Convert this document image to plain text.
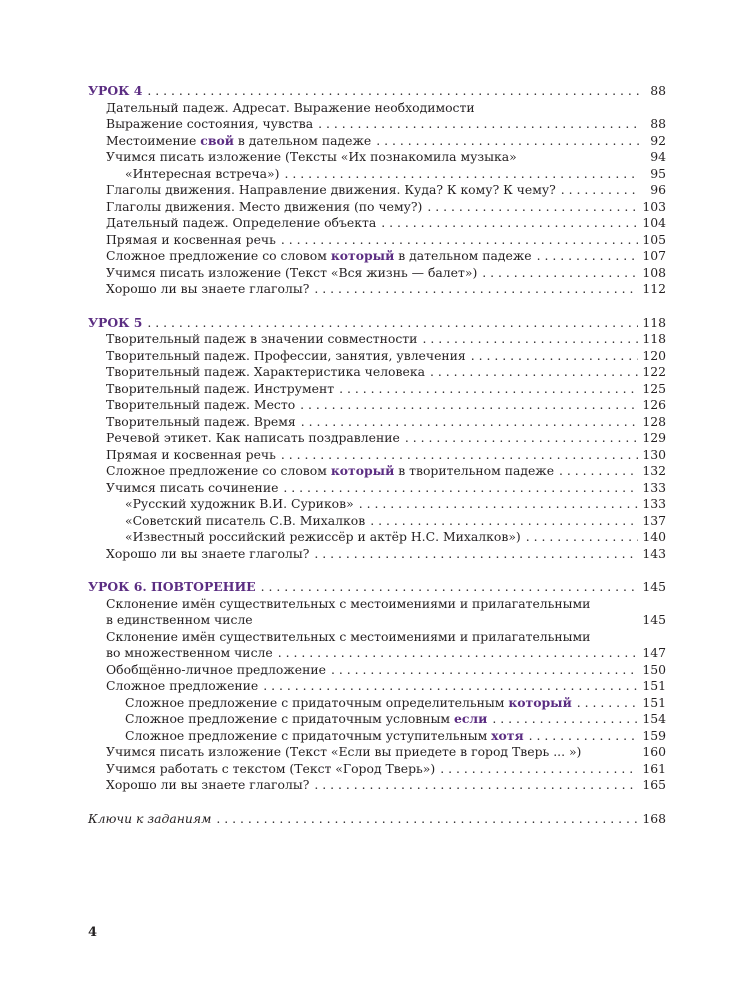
УРОК 4 . . .	88
Дательный падеж. Адресат. Выражение необходимости
Выражение состояния, чувства . . .	88
Местоимение свой в дательном падеже . . .	92
Учимся писать изложение (Тексты «Их познакомила музыка»	94
«Интересная встреча») . . .	95
Глаголы движения. Направление движения. Куда? К кому? К чему? . . .	96
Глаголы движения. Место движения (по чему?) . . .	103
Дательный падеж. Определение объекта . . .	104
Прямая и косвенная речь . . .	105
Сложное предложение со словом который в дательном падеже . . .	107
Учимся писать изложение (Текст «Вся жизнь — балет») . . .	108
Хорошо ли вы знаете глаголы? . . .	112
УРОК 5 . . .	118
Творительный падеж в значении совместности . . .	118
Творительный падеж. Профессии, занятия, увлечения . . .	120
Творительный падеж. Характеристика человека . . .	122
Творительный падеж. Инструмент . . .	125
Творительный падеж. Место . . .	126
Творительный падеж. Время . . .	128
Речевой этикет. Как написать поздравление . . .	129
Прямая и косвенная речь . . .	130
Сложное предложение со словом который в творительном падеже . . .	132
Учимся писать сочинение . . .	133
«Русский художник В.И. Суриков» . . .	133
«Советский писатель С.В. Михалков . . .	137
«Известный российский режиссёр и актёр Н.С. Михалков») . . .	140
Хорошо ли вы знаете глаголы? . . .	143
УРОК 6. ПОВТОРЕНИЕ . . .	145
Склонение имён существительных с местоимениями и прилагательными
в единственном числе	145
Склонение имён существительных с местоимениями и прилагательными
во множественном числе . . .	147
Обобщённо-личное предложение . . .	150
Сложное предложение . . .	151
Сложное предложение с придаточным определительным который . . .	151
Сложное предложение с придаточным условным если . . .	154
Сложное предложение с придаточным уступительным хотя . . .	159
Учимся писать изложение (Текст «Если вы приедете в город Тверь ... »)	160
Учимся работать с текстом (Текст «Город Тверь») . . .	161
Хорошо ли вы знаете глаголы? . . .	165
Ключи к заданиям . . .	168
4
